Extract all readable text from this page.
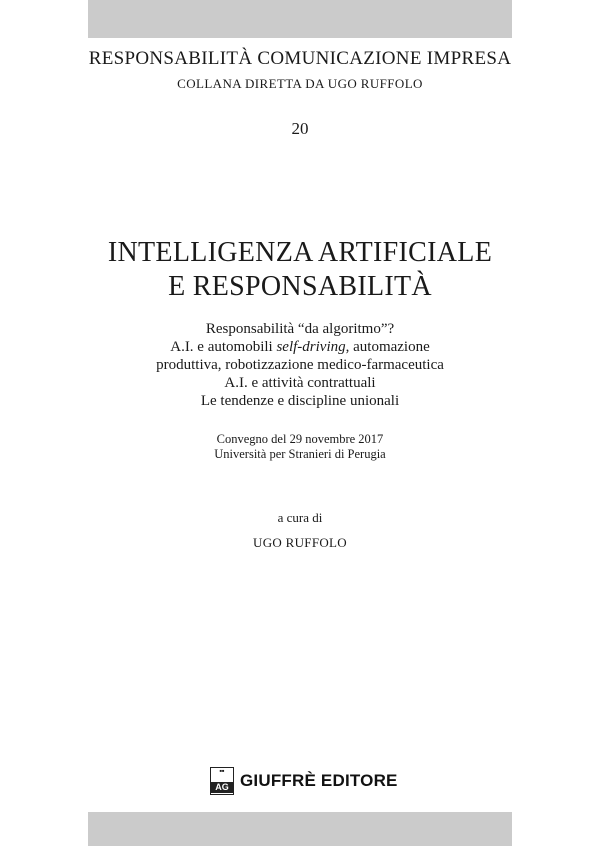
RESPONSABILITÀ COMUNICAZIONE IMPRESA
COLLANA DIRETTA DA UGO RUFFOLO
20
INTELLIGENZA ARTIFICIALE
E RESPONSABILITÀ
Responsabilità “da algoritmo”?
A.I. e automobili self-driving, automazione
produttiva, robotizzazione medico-farmaceutica
A.I. e attività contrattuali
Le tendenze e discipline unionali
Convegno del 29 novembre 2017
Università per Stranieri di Perugia
a cura di
UGO RUFFOLO
■■
AG GIUFFRÈ EDITORE
